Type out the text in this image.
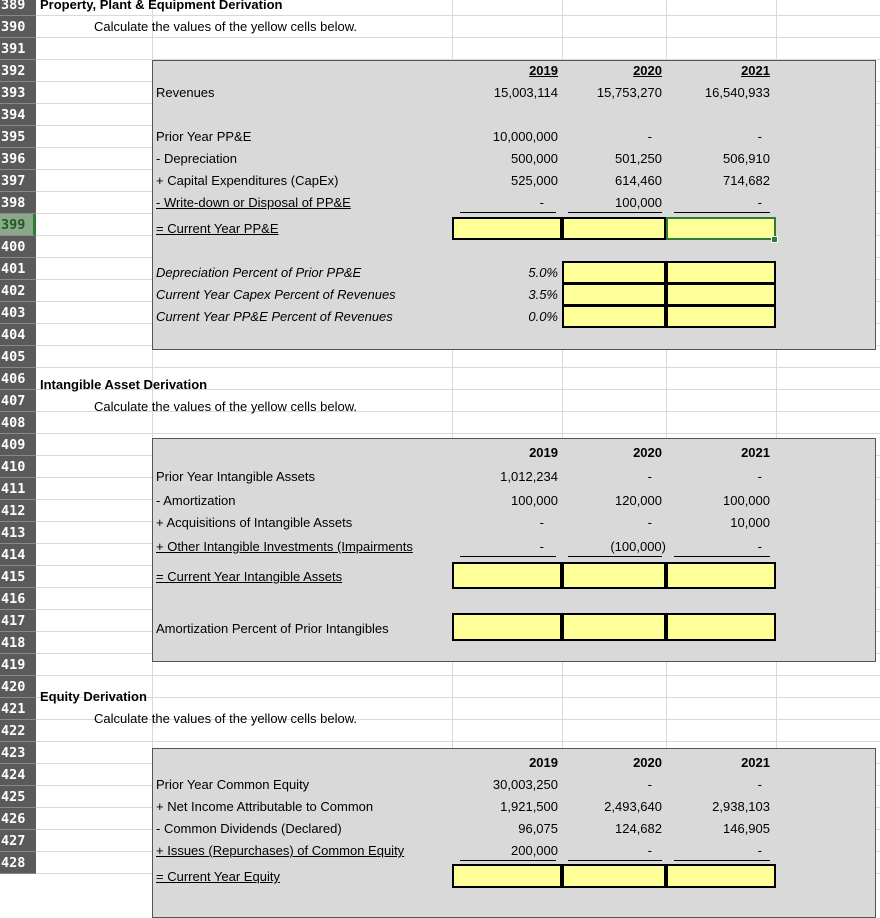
389
390
391
392
393
394
395
396
397
398
399
400
401
402
403
404
405
406
407
408
409
410
411
412
413
414
415
416
417
418
419
420
421
422
423
424
425
426
427
428
Property, Plant & Equipment Derivation
Calculate the values of the yellow cells below.
2019	2020	2021
Revenues	15,003,114	15,753,270	16,540,933
Prior Year PP&E	10,000,000	-	-
- Depreciation	500,000	501,250	506,910
+ Capital Expenditures (CapEx)	525,000	614,460	714,682
- Write-down or Disposal of PP&E	-	100,000	-
= Current Year PP&E
Depreciation Percent of Prior PP&E	5.0%
Current Year Capex Percent of Revenues	3.5%
Current Year PP&E Percent of Revenues	0.0%
Intangible Asset Derivation
Calculate the values of the yellow cells below.
2019	2020	2021
Prior Year Intangible Assets	1,012,234	-	-
- Amortization	100,000	120,000	100,000
+ Acquisitions of Intangible Assets	-	-	10,000
+ Other Intangible Investments (Impairments	-	(100,000)	-
= Current Year Intangible Assets
Amortization Percent of Prior Intangibles
Equity Derivation
Calculate the values of the yellow cells below.
2019	2020	2021
Prior Year Common Equity	30,003,250	-	-
+ Net Income Attributable to Common	1,921,500	2,493,640	2,938,103
- Common Dividends (Declared)	96,075	124,682	146,905
+ Issues (Repurchases) of Common Equity	200,000	-	-
= Current Year Equity
